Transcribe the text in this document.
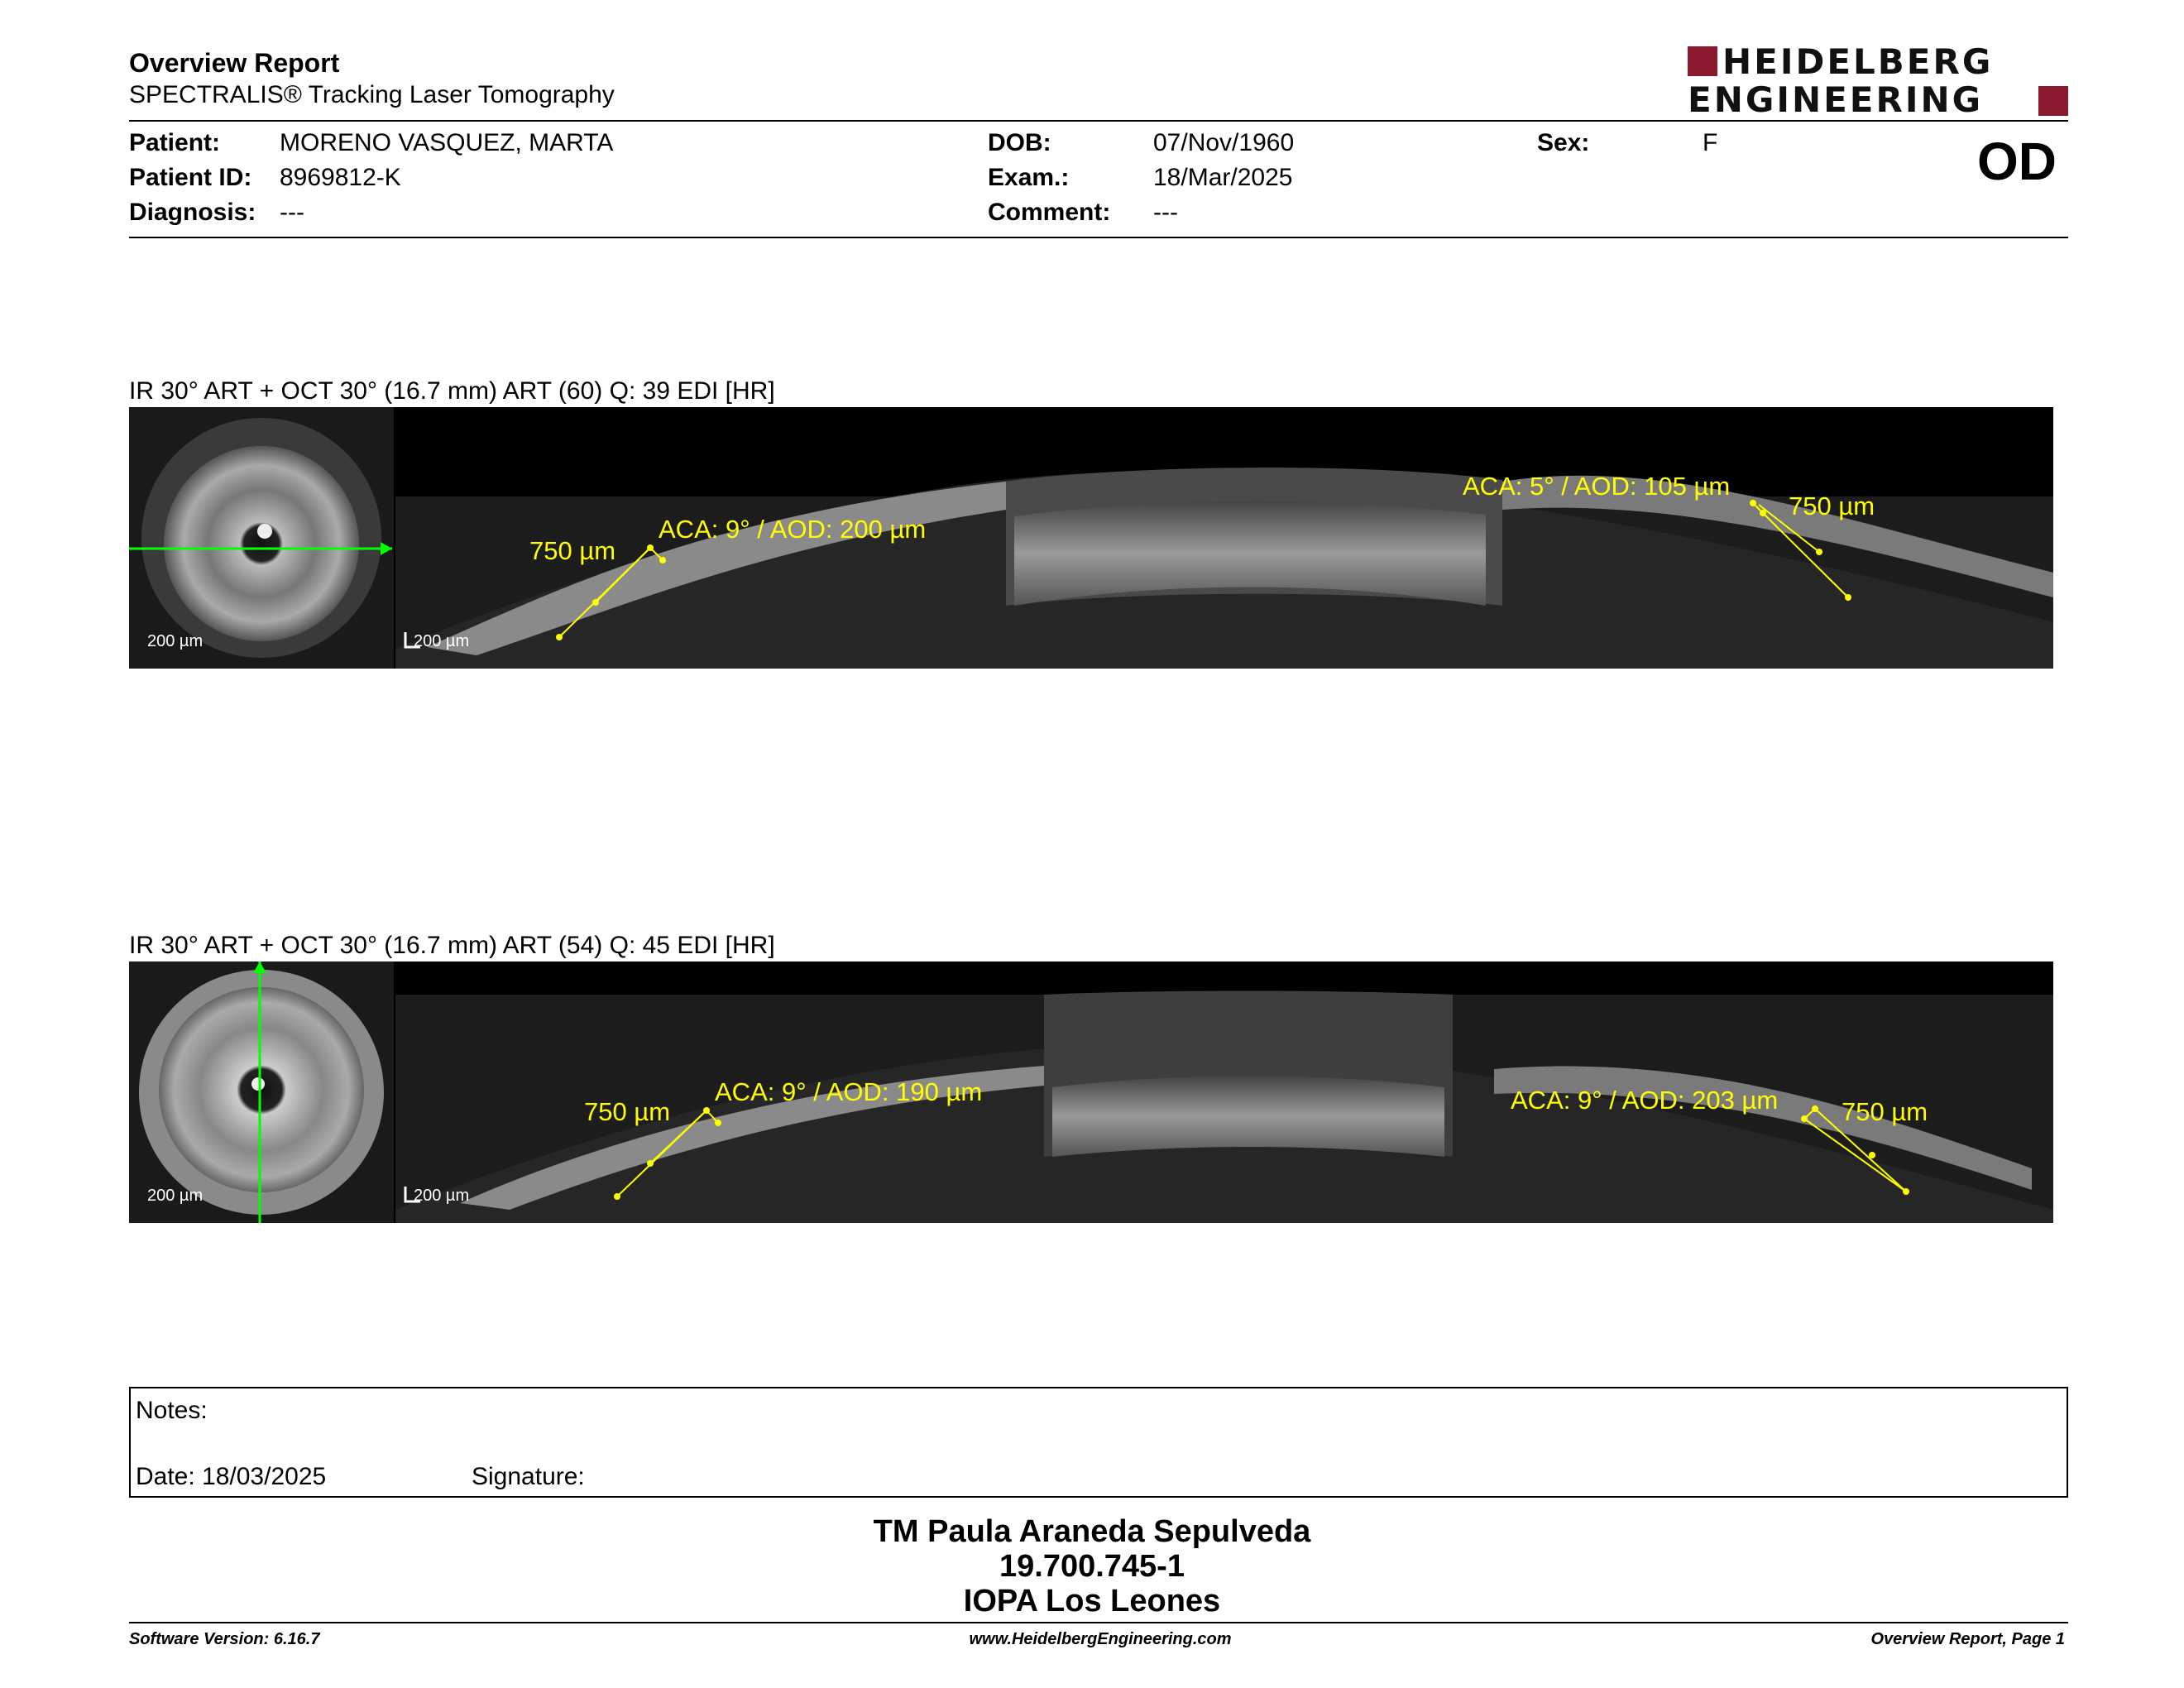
Overview Report
SPECTRALIS® Tracking Laser Tomography
HEIDELBERG
ENGINEERING
Patient: MORENO VASQUEZ, MARTA
Patient ID: 8969812-K
Diagnosis: ---
DOB:	07/Nov/1960
Exam.:	18/Mar/2025
Comment: ---
Sex:	F	OD
IR 30° ART + OCT 30° (16.7 mm) ART (60) Q: 39 EDI [HR]
200 µm	200 µm
750 µm
ACA: 9° / AOD: 200 µm
ACA: 5° / AOD: 105 µm
750 µm
IR 30° ART + OCT 30° (16.7 mm) ART (54) Q: 45 EDI [HR]
200 µm	200 µm
750 µm
ACA: 9° / AOD: 190 µm	ACA: 9° / AOD: 203 µm 750 µm
Notes:
Date: 18/03/2025	Signature:
TM Paula Araneda Sepulveda
19.700.745-1
IOPA Los Leones
Software Version: 6.16.7	www.HeidelbergEngineering.com	Overview Report, Page 1
